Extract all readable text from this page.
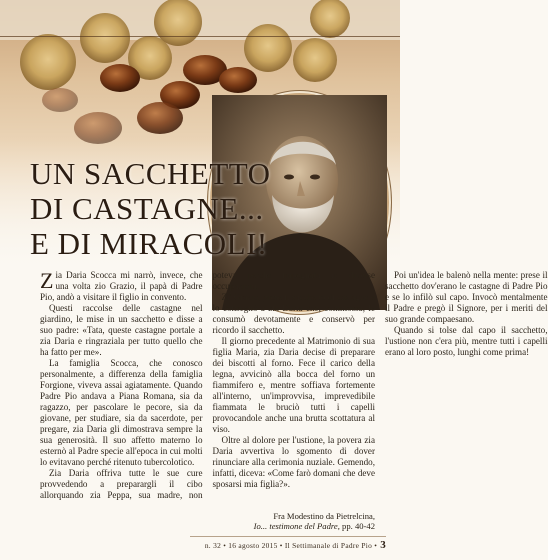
UN SACCHETTO
DI CASTAGNE...
E DI MIRACOLI!

Zia Daria Scocca mi narrò, invece, che una volta zio Grazio, il papà di Padre Pio, andò a visitare il figlio in convento.

Questi raccolse delle castagne nel giardino, le mise in un sacchetto e disse a suo padre: «Tata, queste castagne portale a zia Daria e ringraziala per tutto quello che ha fatto per me».

La famiglia Scocca, che conosco personalmente, a differenza della famiglia Forgione, viveva assai agiatamente. Quando Padre Pio andava a Piana Romana, sia da ragazzo, per pascolare le pecore, sia da giovane, per studiare, sia da sacerdote, per pregare, zia Daria gli dimostrava sempre la sua generosità. Il suo affetto materno lo esternò al Padre specie all'epoca in cui molti lo evitavano perché ritenuto tubercolotico.

Zia Daria offriva tutte le sue cure provvedendo a preparargli il cibo allorquando zia Peppa, sua madre, non poteva perché impegnata in diverse occupazioni.

Zi' Grazio, prese il sacchetto di castagne e lo consegnò a zia Daria che, commossa, le consumò devotamente e conservò per ricordo il sacchetto.

Il giorno precedente al Matrimonio di sua figlia Maria, zia Daria decise di preparare dei biscotti al forno. Fece il carico della legna, avvicinò alla bocca del forno un fiammifero e, mentre soffiava fortemente all'interno, un'improvvisa, imprevedibile fiammata le bruciò tutti i capelli provocandole anche una brutta scottatura al viso.

Oltre al dolore per l'ustione, la povera zia Daria avvertiva lo sgomento di dover rinunciare alla cerimonia nuziale. Gemendo, infatti, diceva: «Come farò domani che deve sposarsi mia figlia?».

Poi un'idea le balenò nella mente: prese il sacchetto dov'erano le castagne di Padre Pio e se lo infilò sul capo. Invocò mentalmente il Padre e pregò il Signore, per i meriti del suo grande compaesano.

Quando si tolse dal capo il sacchetto, l'ustione non c'era più, mentre tutti i capelli erano al loro posto, lunghi come prima!

Fra Modestino da Pietrelcina,
Io... testimone del Padre, pp. 40-42
n. 32 • 16 agosto 2015 • Il Settimanale di Padre Pio • 3
